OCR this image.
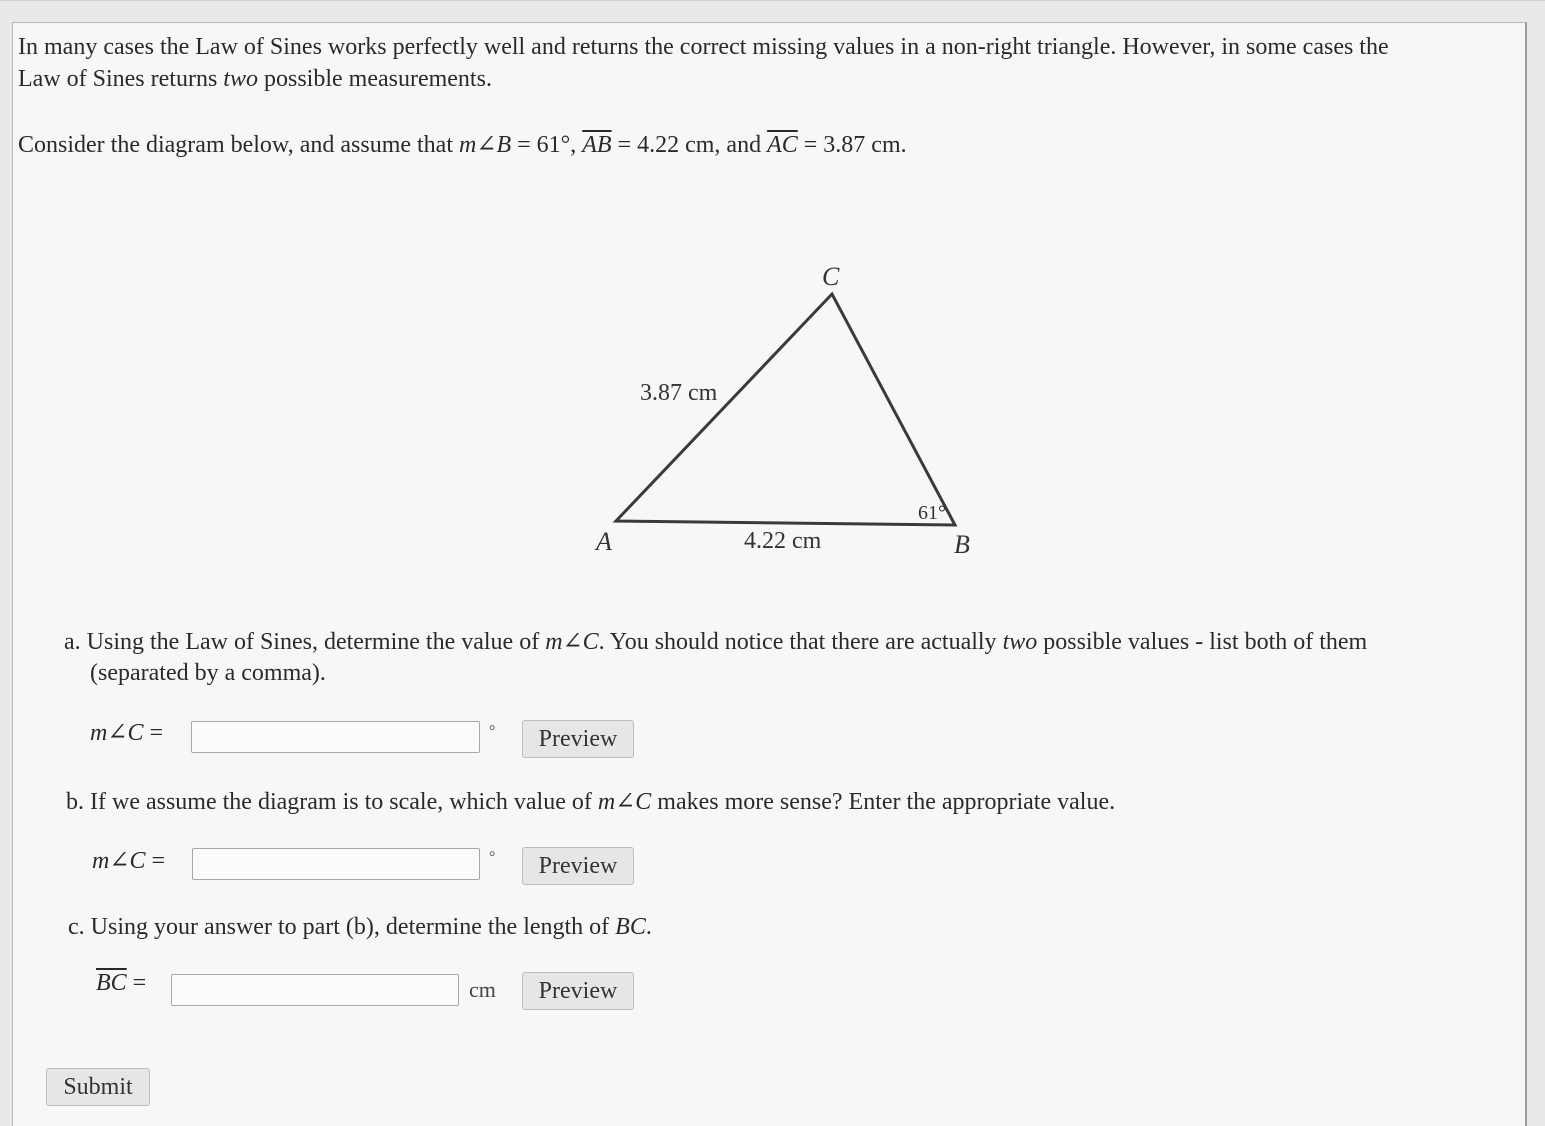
In many cases the Law of Sines works perfectly well and returns the correct missing values in a non-right triangle. However, in some cases the
Law of Sines returns two possible measurements.
Consider the diagram below, and assume that m∠B = 61°, $\overline{AB} = 4.22$ cm, and $\overline{AC} = 3.87$ cm.
C
A	B
3.87 cm
4.22 cm
61°
a. Using the Law of Sines, determine the value of m∠C. You should notice that there are actually two possible values - list both of them
(separated by a comma).
m∠C =	°	Preview
b. If we assume the diagram is to scale, which value of m∠C makes more sense? Enter the appropriate value.
m∠C =	°	Preview
c. Using your answer to part (b), determine the length of BC.
$\overline{BC}$ =	cm	Preview
Submit
